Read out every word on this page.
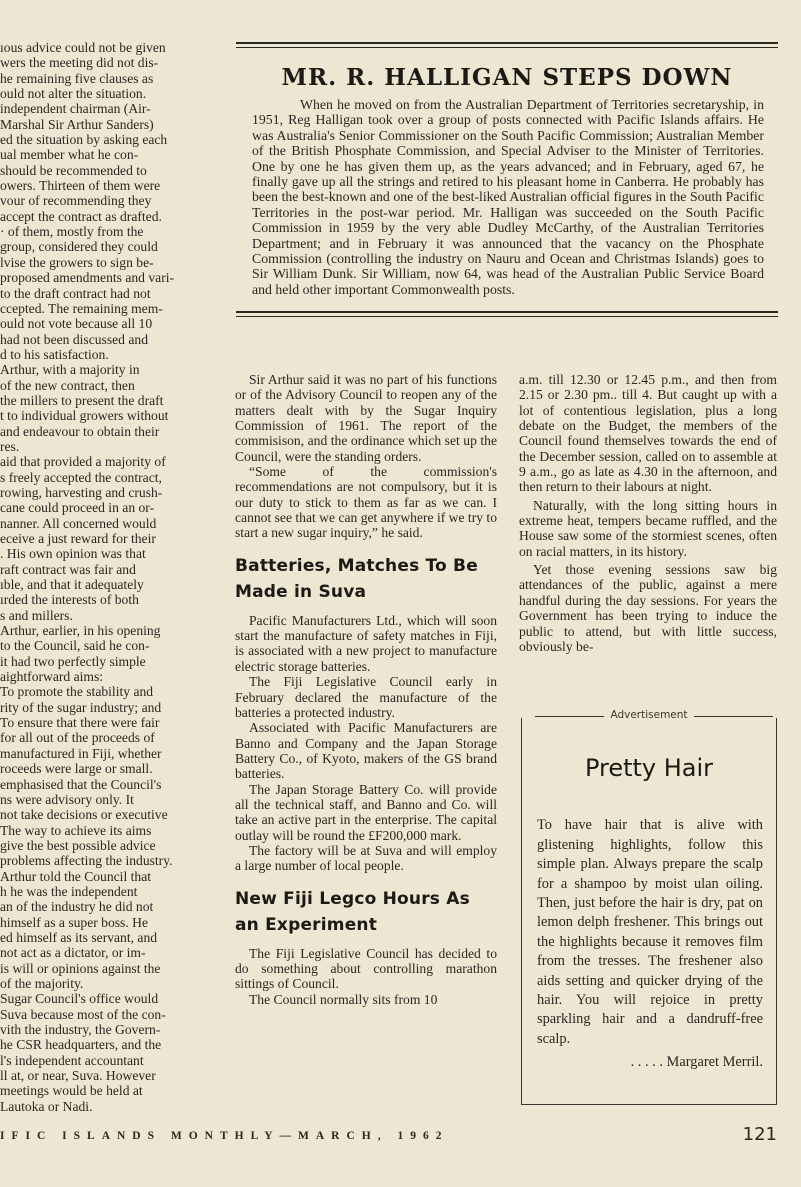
ıous advice could not be given

wers the meeting did not dis-

he remaining five clauses as

ould not alter the situation.

independent chairman (Air-

Marshal Sir Arthur Sanders)

ed the situation by asking each

ual member what he con-

should be recommended to

owers. Thirteen of them were

vour of recommending they

accept the contract as drafted.

· of them, mostly from the

group, considered they could

lvise the growers to sign be-

proposed amendments and vari-

to the draft contract had not

ccepted. The remaining mem-

ould not vote because all 10

had not been discussed and

d to his satisfaction.

Arthur, with a majority in

of the new contract, then

the millers to present the draft

t to individual growers without

and endeavour to obtain their

res.

aid that provided a majority of

s freely accepted the contract,

rowing, harvesting and crush-

cane could proceed in an or-

nanner. All concerned would

eceive a just reward for their

. His own opinion was that

raft contract was fair and

ıble, and that it adequately

ırded the interests of both

s and millers.

Arthur, earlier, in his opening

to the Council, said he con-

it had two perfectly simple

aightforward aims:

To promote the stability and

rity of the sugar industry; and

To ensure that there were fair

for all out of the proceeds of

manufactured in Fiji, whether

roceeds were large or small.

emphasised that the Council's

ns were advisory only. It

not take decisions or executive

The way to achieve its aims

give the best possible advice

problems affecting the industry.

Arthur told the Council that

h he was the independent

an of the industry he did not

himself as a super boss. He

ed himself as its servant, and

not act as a dictator, or im-

is will or opinions against the

of the majority.

Sugar Council's office would

Suva because most of the con-

vith the industry, the Govern-

he CSR headquarters, and the

l's independent accountant

ll at, or near, Suva. However

meetings would be held at

Lautoka or Nadi.

MR. R. HALLIGAN STEPS DOWN

When he moved on from the Australian Department of Territories secretaryship, in 1951, Reg Halligan took over a group of posts connected with Pacific Islands affairs. He was Australia's Senior Commissioner on the South Pacific Commission; Australian Member of the British Phosphate Commission, and Special Adviser to the Minister of Territories. One by one he has given them up, as the years advanced; and in February, aged 67, he finally gave up all the strings and retired to his pleasant home in Canberra. He probably has been the best-known and one of the best-liked Australian official figures in the South Pacific Territories in the post-war period. Mr. Halligan was succeeded on the South Pacific Commission in 1959 by the very able Dudley McCarthy, of the Australian Territories Department; and in February it was announced that the vacancy on the Phosphate Commission (controlling the industry on Nauru and Ocean and Christmas Islands) goes to Sir William Dunk. Sir William, now 64, was head of the Australian Public Service Board and held other important Commonwealth posts.

Sir Arthur said it was no part of his functions or of the Advisory Council to reopen any of the matters dealt with by the Sugar Inquiry Commission of 1961. The report of the commisison, and the ordinance which set up the Council, were the standing orders.

“Some of the commission's recommendations are not compulsory, but it is our duty to stick to them as far as we can. I cannot see that we can get anywhere if we try to start a new sugar inquiry,” he said.

Batteries, Matches To Be Made in Suva

Pacific Manufacturers Ltd., which will soon start the manufacture of safety matches in Fiji, is associated with a new project to manufacture electric storage batteries.

The Fiji Legislative Council early in February declared the manufacture of the batteries a protected industry.

Associated with Pacific Manufacturers are Banno and Company and the Japan Storage Battery Co., of Kyoto, makers of the GS brand batteries.

The Japan Storage Battery Co. will provide all the technical staff, and Banno and Co. will take an active part in the enterprise. The capital outlay will be round the £F200,000 mark.

The factory will be at Suva and will employ a large number of local people.

New Fiji Legco Hours As an Experiment

The Fiji Legislative Council has decided to do something about controlling marathon sittings of Council.

The Council normally sits from 10

a.m. till 12.30 or 12.45 p.m., and then from 2.15 or 2.30 pm.. till 4. But caught up with a lot of contentious legislation, plus a long debate on the Budget, the members of the Council found themselves towards the end of the December session, called on to assemble at 9 a.m., go as late as 4.30 in the afternoon, and then return to their labours at night.

Naturally, with the long sitting hours in extreme heat, tempers became ruffled, and the House saw some of the stormiest scenes, often on racial matters, in its history.

Yet those evening sessions saw big attendances of the public, against a mere handful during the day sessions. For years the Government has been trying to induce the public to attend, but with little success, obviously be-

Advertisement
Pretty Hair

To have hair that is alive with glistening highlights, follow this simple plan. Always prepare the scalp for a shampoo by moist ulan oiling. Then, just before the hair is dry, pat on lemon delph freshener. This brings out the highlights because it removes film from the tresses. The freshener also aids setting and quicker drying of the hair. You will rejoice in pretty sparkling hair and a dandruff-free scalp.

. . . . . Margaret Merril.
IFIC ISLANDS MONTHLY—MARCH, 1962	121
